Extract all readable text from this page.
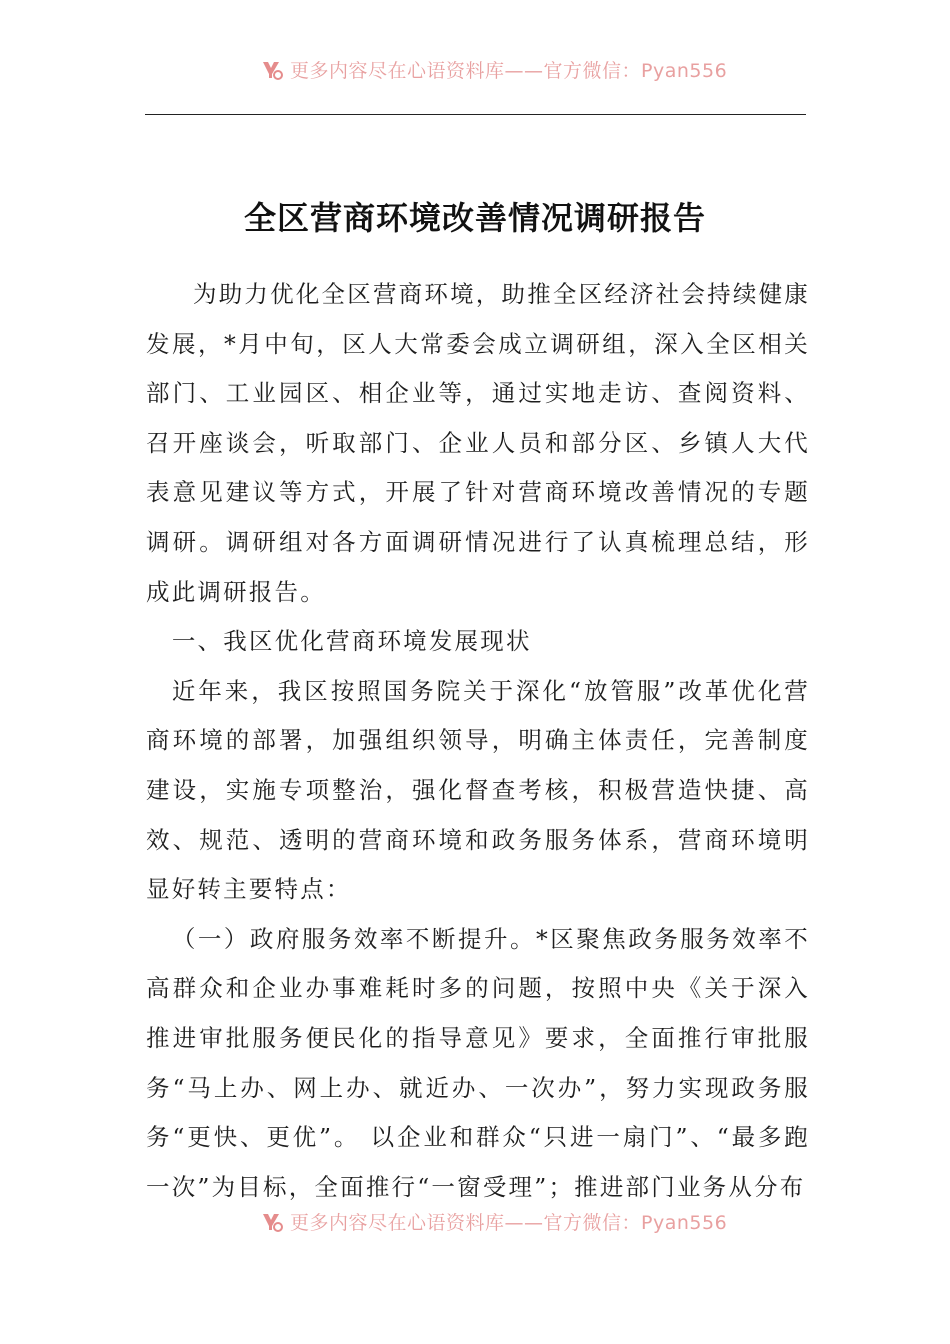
更多内容尽在心语资料库——官方微信：Pyan556
全区营商环境改善情况调研报告

为助力优化全区营商环境，助推全区经济社会持续健康发展，*月中旬，区人大常委会成立调研组，深入全区相关部门、工业园区、相企业等，通过实地走访、查阅资料、召开座谈会，听取部门、企业人员和部分区、乡镇人大代表意见建议等方式，开展了针对营商环境改善情况的专题调研。调研组对各方面调研情况进行了认真梳理总结，形成此调研报告。

一、我区优化营商环境发展现状

近年来，我区按照国务院关于深化“放管服”改革优化营商环境的部署，加强组织领导，明确主体责任，完善制度建设，实施专项整治，强化督查考核，积极营造快捷、高效、规范、透明的营商环境和政务服务体系，营商环境明显好转主要特点：

（一）政府服务效率不断提升。*区聚焦政务服务效率不高群众和企业办事难耗时多的问题，按照中央《关于深入推进审批服务便民化的指导意见》要求，全面推行审批服务“马上办、网上办、就近办、一次办”，努力实现政务服务“更快、更优”。 以企业和群众“只进一扇门”、“最多跑一次”为目标，全面推行“一窗受理”；推进部门业务从分布

更多内容尽在心语资料库——官方微信：Pyan556
